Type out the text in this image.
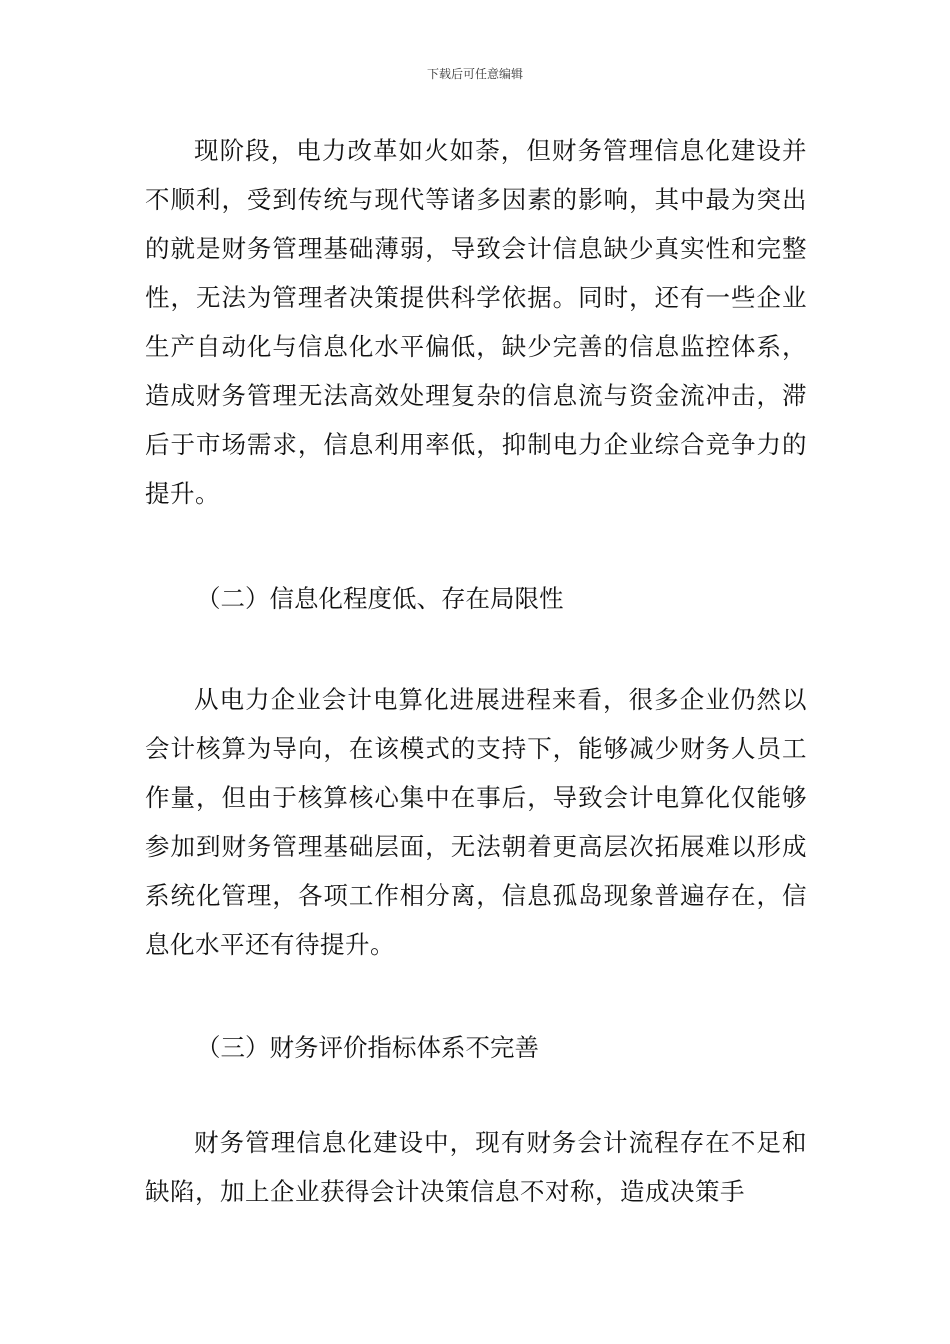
下载后可任意编辑

现阶段，电力改革如火如荼，但财务管理信息化建设并不顺利，受到传统与现代等诸多因素的影响，其中最为突出的就是财务管理基础薄弱，导致会计信息缺少真实性和完整性，无法为管理者决策提供科学依据。同时，还有一些企业生产自动化与信息化水平偏低，缺少完善的信息监控体系，造成财务管理无法高效处理复杂的信息流与资金流冲击，滞后于市场需求，信息利用率低，抑制电力企业综合竞争力的提升。

（二）信息化程度低、存在局限性

从电力企业会计电算化进展进程来看，很多企业仍然以会计核算为导向，在该模式的支持下，能够减少财务人员工作量，但由于核算核心集中在事后，导致会计电算化仅能够参加到财务管理基础层面，无法朝着更高层次拓展难以形成系统化管理，各项工作相分离，信息孤岛现象普遍存在，信息化水平还有待提升。

（三）财务评价指标体系不完善

财务管理信息化建设中，现有财务会计流程存在不足和缺陷，加上企业获得会计决策信息不对称，造成决策手
